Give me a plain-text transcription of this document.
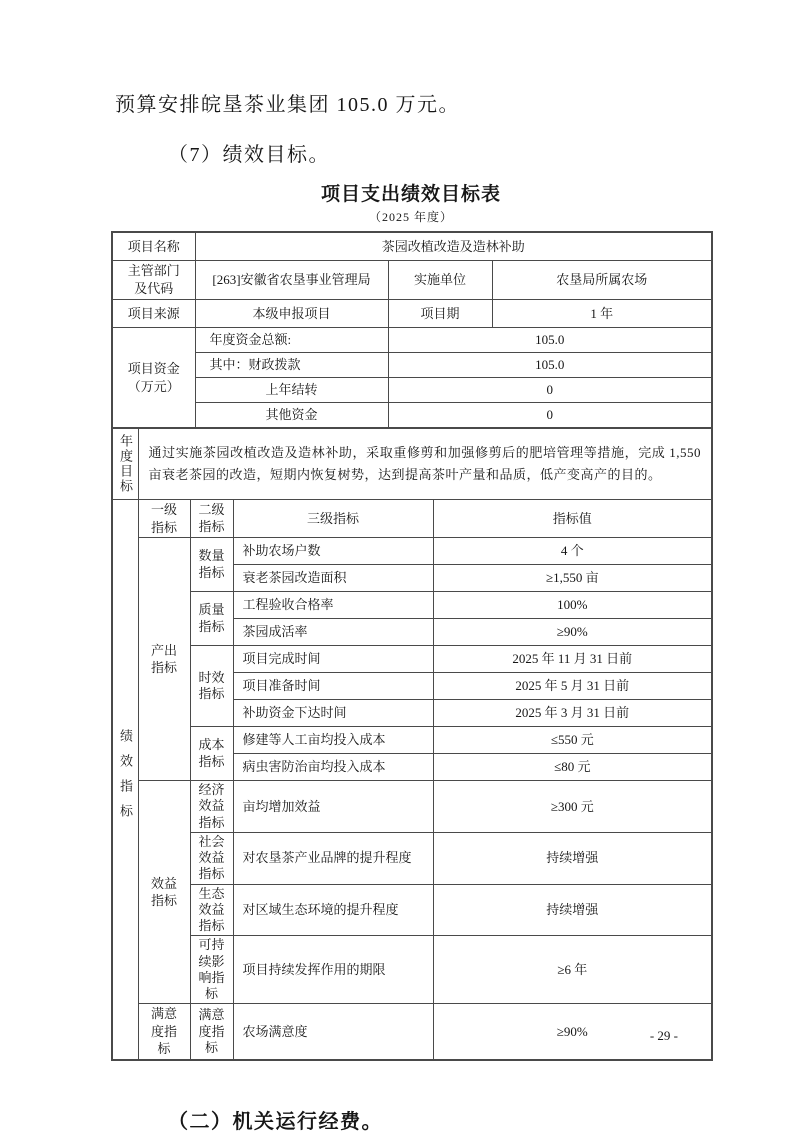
预算安排皖垦茶业集团 105.0 万元。

（7）绩效目标。

项目支出绩效目标表
（2025 年度）
项目名称	茶园改植改造及造林补助		
主管部门及代码	[263]安徽省农垦事业管理局	实施单位	农垦局所属农场
项目来源	本级申报项目	项目期	1 年
项目资金（万元）	年度资金总额:	105.0	
	其中：财政拨款	105.0	
	上年结转	0	
	其他资金	0	
年度目标	通过实施茶园改植改造及造林补助，采取重修剪和加强修剪后的肥培管理等措施，完成 1,550 亩衰老茶园的改造，短期内恢复树势，达到提高茶叶产量和品质，低产变高产的目的。			
绩效指标	一级指标	二级指标	三级指标	指标值
	产出指标	数量指标	补助农场户数	4 个
			衰老茶园改造面积	≥1,550 亩
		质量指标	工程验收合格率	100%
			茶园成活率	≥90%
		时效指标	项目完成时间	2025 年 11 月 31 日前
			项目准备时间	2025 年 5 月 31 日前
			补助资金下达时间	2025 年 3 月 31 日前
		成本指标	修建等人工亩均投入成本	≤550 元
			病虫害防治亩均投入成本	≤80 元
	效益指标	经济效益指标	亩均增加效益	≥300 元
		社会效益指标	对农垦茶产业品牌的提升程度	持续增强
		生态效益指标	对区域生态环境的提升程度	持续增强
		可持续影响指标	项目持续发挥作用的期限	≥6 年
	满意度指标	满意度指标	农场满意度	≥90%

（二）机关运行经费。

- 29 -
